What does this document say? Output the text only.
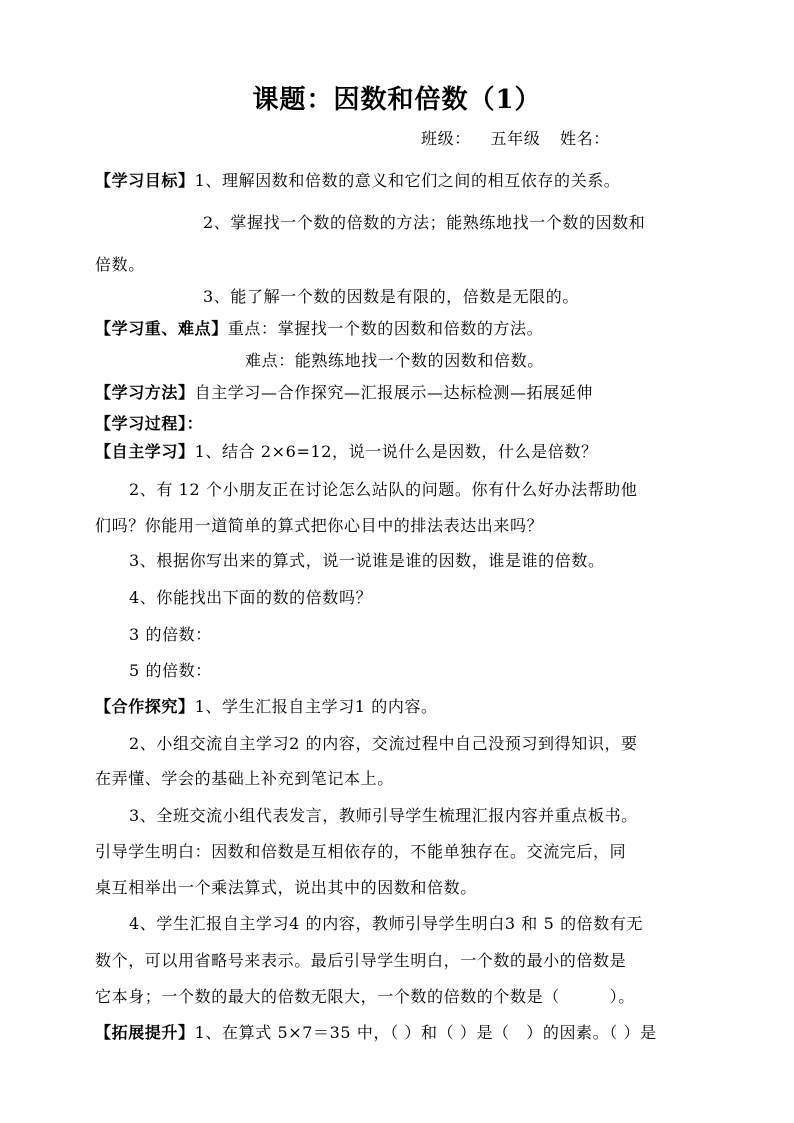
课题：因数和倍数（1）
班级： 五年级 姓名：
【学习目标】1、理解因数和倍数的意义和它们之间的相互依存的关系。
2、掌握找一个数的倍数的方法；能熟练地找一个数的因数和
倍数。
3、能了解一个数的因数是有限的，倍数是无限的。
【学习重、难点】重点：掌握找一个数的因数和倍数的方法。
难点：能熟练地找一个数的因数和倍数。
【学习方法】自主学习—合作探究—汇报展示—达标检测—拓展延伸
【学习过程】：
【自主学习】1、结合 2×6=12，说一说什么是因数，什么是倍数？
2、有 12 个小朋友正在讨论怎么站队的问题。你有什么好办法帮助他
们吗？你能用一道简单的算式把你心目中的排法表达出来吗？
3、根据你写出来的算式，说一说谁是谁的因数，谁是谁的倍数。
4、你能找出下面的数的倍数吗？
3 的倍数：
5 的倍数：
【合作探究】1、学生汇报自主学习1 的内容。
2、小组交流自主学习2 的内容，交流过程中自己没预习到得知识，要
在弄懂、学会的基础上补充到笔记本上。
3、全班交流小组代表发言，教师引导学生梳理汇报内容并重点板书。
引导学生明白：因数和倍数是互相依存的，不能单独存在。交流完后，同
桌互相举出一个乘法算式，说出其中的因数和倍数。
4、学生汇报自主学习4 的内容，教师引导学生明白3 和 5 的倍数有无
数个，可以用省略号来表示。最后引导学生明白，一个数的最小的倍数是
它本身；一个数的最大的倍数无限大，一个数的倍数的个数是（　　　）。
【拓展提升】1、在算式 5×7＝35 中，（ ）和（ ）是（　）的因素。（ ）是
